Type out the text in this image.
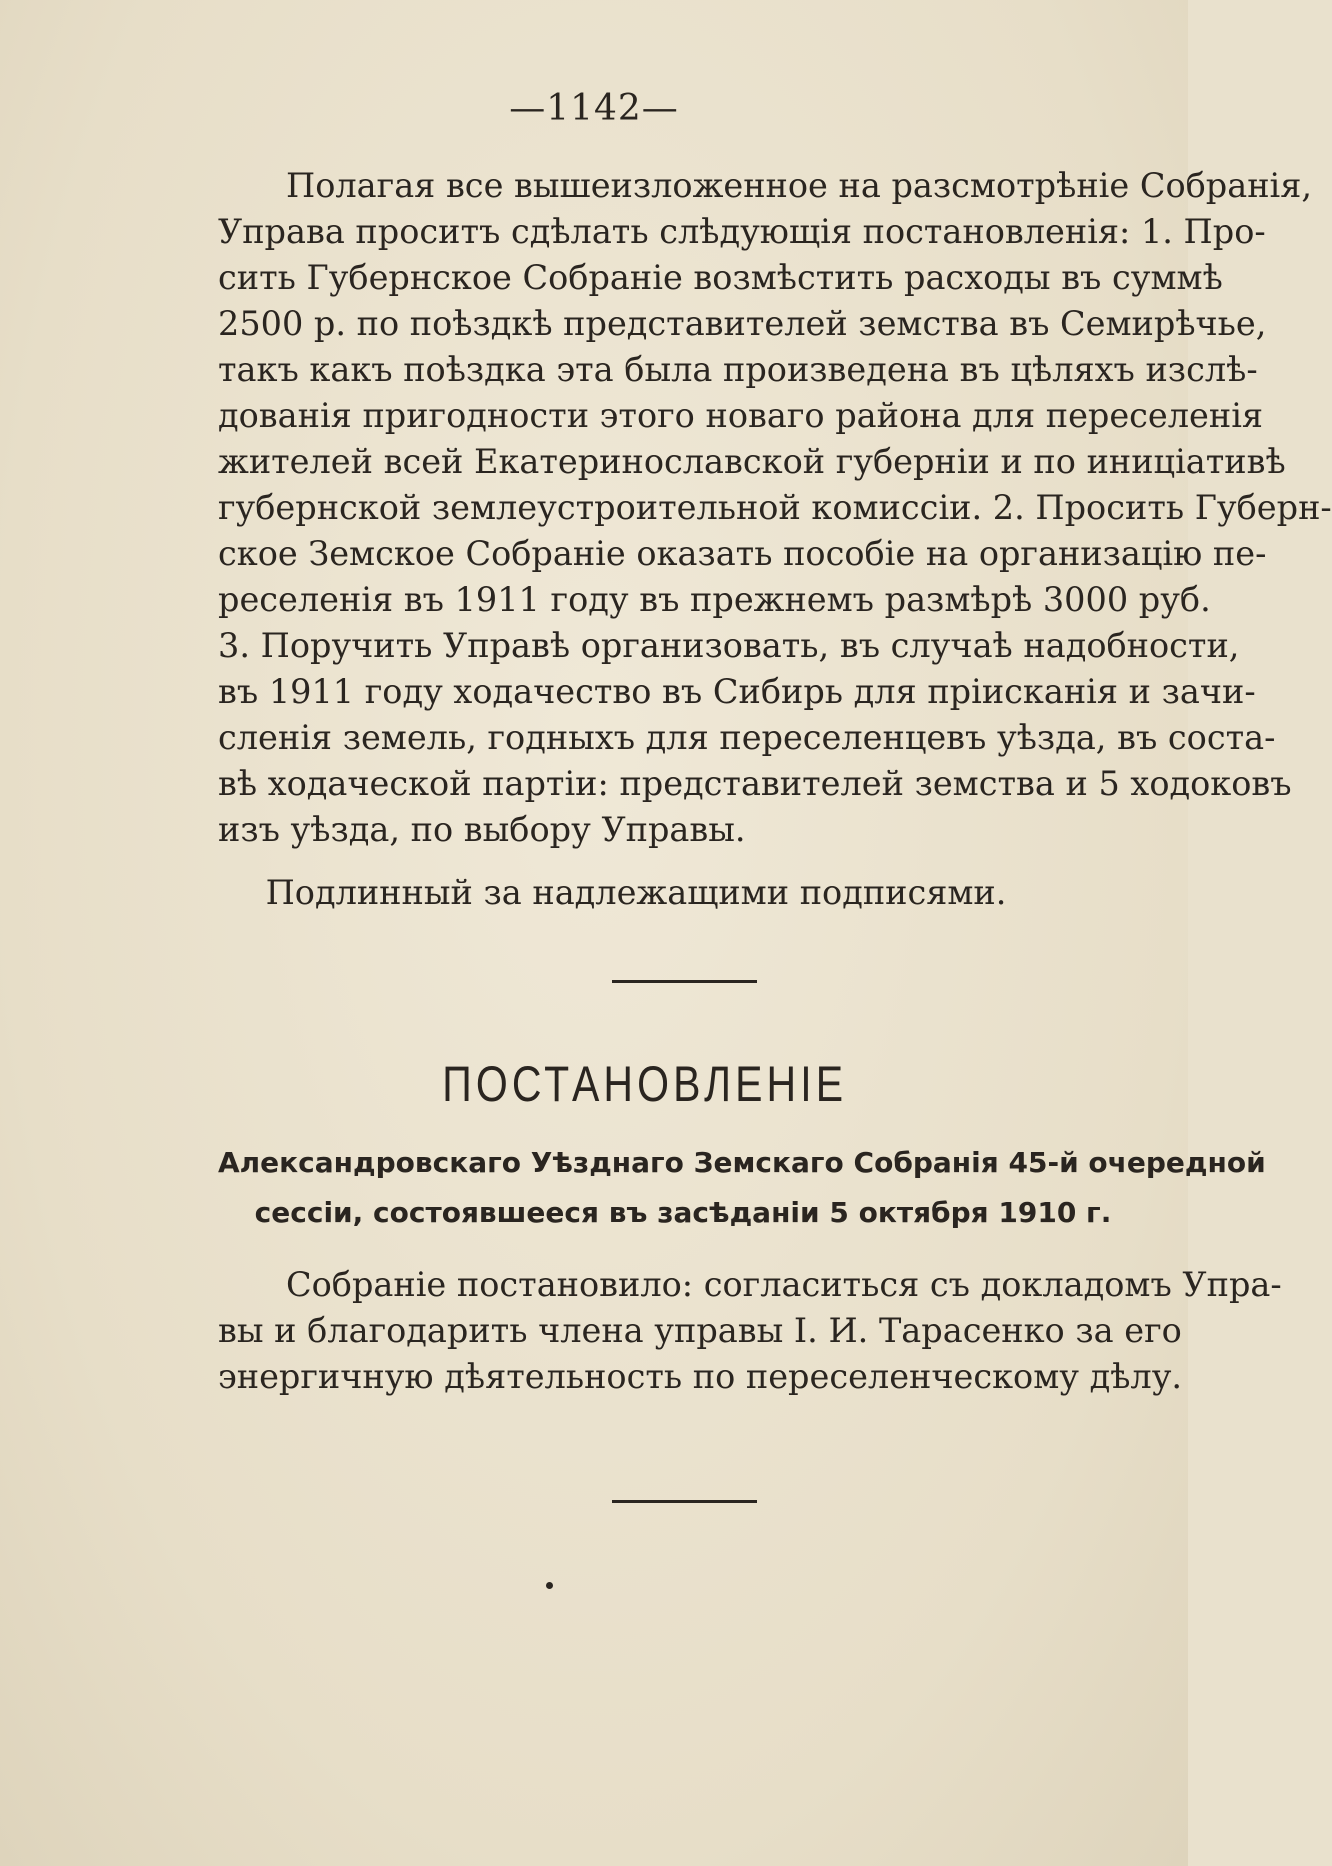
—1142—

Полагая все вышеизложенное на разсмотрѣніе Собранія,
Управа проситъ сдѣлать слѣдующія постановленія: 1. Про-
сить Губернское Собраніе возмѣстить расходы въ суммѣ
2500 р. по поѣздкѣ представителей земства въ Семирѣчье,
такъ какъ поѣздка эта была произведена въ цѣляхъ изслѣ-
дованія пригодности этого новаго района для переселенія
жителей всей Екатеринославской губерніи и по иниціативѣ
губернской землеустроительной комиссіи. 2. Просить Губерн-
ское Земское Собраніе оказать пособіе на организацію пе-
реселенія въ 1911 году въ прежнемъ размѣрѣ 3000 руб.
3. Поручить Управѣ организовать, въ случаѣ надобности,
въ 1911 году ходачество въ Сибирь для пріисканія и зачи-
сленія земель, годныхъ для переселенцевъ уѣзда, въ соста-
вѣ ходаческой партіи: представителей земства и 5 ходоковъ
изъ уѣзда, по выбору Управы.

Подлинный за надлежащими подписями.
ПОСТАНОВЛЕНІЕ
Александровскаго Уѣзднаго Земскаго Собранія 45-й очередной
сессіи, состоявшееся въ засѣданіи 5 октября 1910 г.

Собраніе постановило: согласиться съ докладомъ Упра-
вы и благодарить члена управы І. И. Тарасенко за его
энергичную дѣятельность по переселенческому дѣлу.
